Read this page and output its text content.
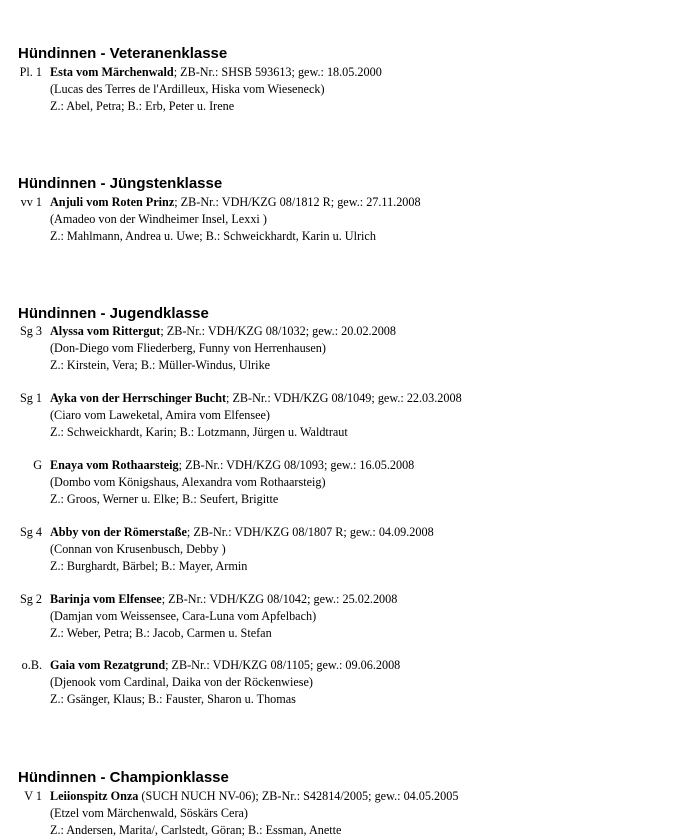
Hündinnen - Veteranenklasse
Pl. 1 Esta vom Märchenwald; ZB-Nr.: SHSB 593613; gew.: 18.05.2000
(Lucas des Terres de l'Ardilleux, Hiska vom Wieseneck)
Z.: Abel, Petra; B.: Erb, Peter u. Irene
Hündinnen - Jüngstenklasse
vv 1 Anjuli vom Roten Prinz; ZB-Nr.: VDH/KZG 08/1812 R; gew.: 27.11.2008
(Amadeo von der Windheimer Insel, Lexxi )
Z.: Mahlmann, Andrea u. Uwe; B.: Schweickhardt, Karin u. Ulrich
Hündinnen - Jugendklasse
Sg 3 Alyssa vom Rittergut; ZB-Nr.: VDH/KZG 08/1032; gew.: 20.02.2008
(Don-Diego vom Fliederberg, Funny von Herrenhausen)
Z.: Kirstein, Vera; B.: Müller-Windus, Ulrike
Sg 1 Ayka von der Herrschinger Bucht; ZB-Nr.: VDH/KZG 08/1049; gew.: 22.03.2008
(Ciaro vom Laweketal, Amira vom Elfensee)
Z.: Schweickhardt, Karin; B.: Lotzmann, Jürgen u. Waldtraut
G Enaya vom Rothaarsteig; ZB-Nr.: VDH/KZG 08/1093; gew.: 16.05.2008
(Dombo vom Königshaus, Alexandra vom Rothaarsteig)
Z.: Groos, Werner u. Elke; B.: Seufert, Brigitte
Sg 4 Abby von der Römerstaße; ZB-Nr.: VDH/KZG 08/1807 R; gew.: 04.09.2008
(Connan von Krusenbusch, Debby )
Z.: Burghardt, Bärbel; B.: Mayer, Armin
Sg 2 Barinja vom Elfensee; ZB-Nr.: VDH/KZG 08/1042; gew.: 25.02.2008
(Damjan vom Weissensee, Cara-Luna vom Apfelbach)
Z.: Weber, Petra; B.: Jacob, Carmen u. Stefan
o.B. Gaia vom Rezatgrund; ZB-Nr.: VDH/KZG 08/1105; gew.: 09.06.2008
(Djenook vom Cardinal, Daika von der Röckenwiese)
Z.: Gsänger, Klaus; B.: Fauster, Sharon u. Thomas
Hündinnen - Championklasse
V 1 Leiionspitz Onza (SUCH NUCH NV-06); ZB-Nr.: S42814/2005; gew.: 04.05.2005
(Etzel vom Märchenwald, Söskärs Cera)
Z.: Andersen, Marita/, Carlstedt, Göran; B.: Essman, Anette
